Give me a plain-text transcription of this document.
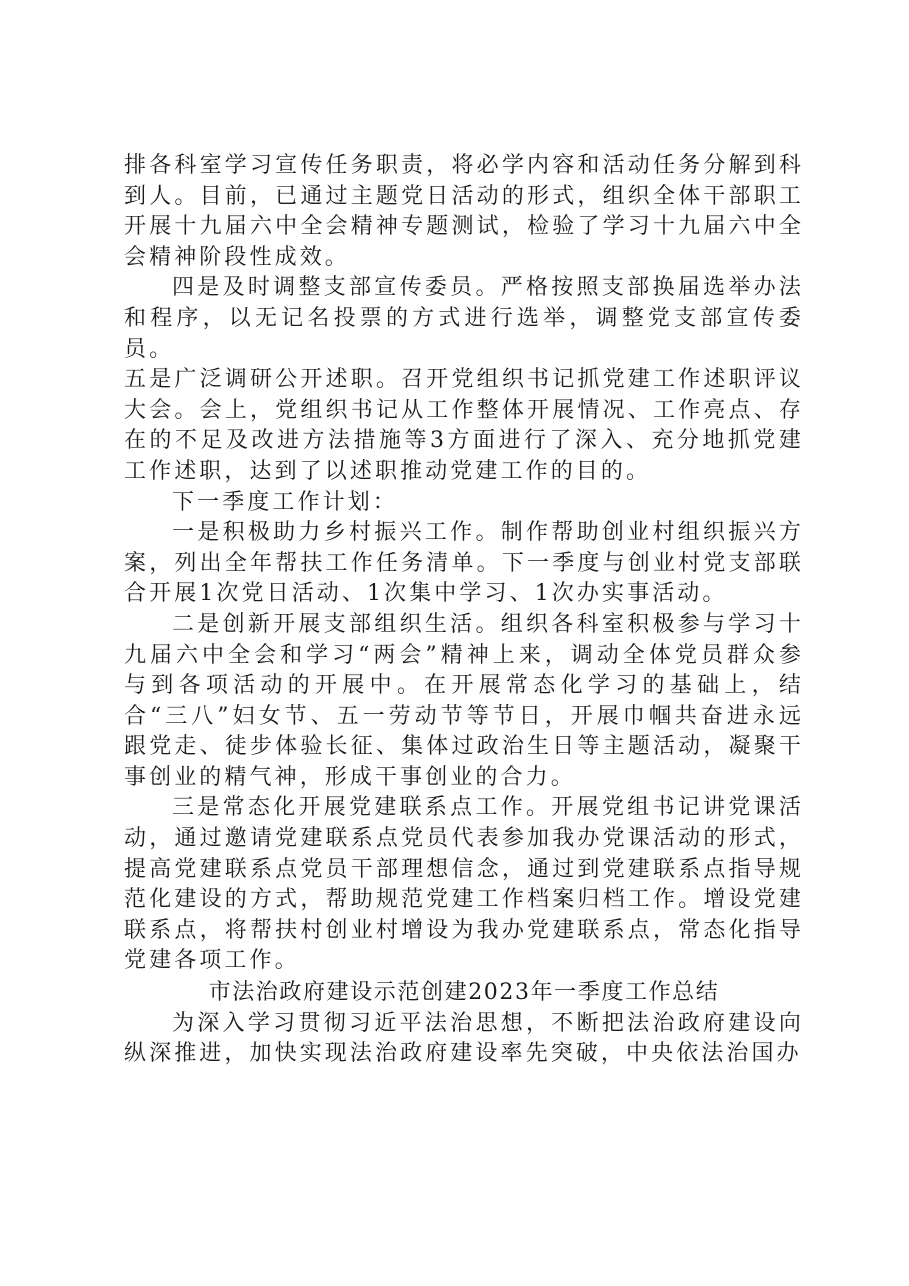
排各科室学习宣传任务职责，将必学内容和活动任务分解到科到人。目前，已通过主题党日活动的形式，组织全体干部职工开展十九届六中全会精神专题测试，检验了学习十九届六中全会精神阶段性成效。

四是及时调整支部宣传委员。严格按照支部换届选举办法和程序，以无记名投票的方式进行选举，调整党支部宣传委员。

五是广泛调研公开述职。召开党组织书记抓党建工作述职评议大会。会上，党组织书记从工作整体开展情况、工作亮点、存在的不足及改进方法措施等3方面进行了深入、充分地抓党建工作述职，达到了以述职推动党建工作的目的。

下一季度工作计划：

一是积极助力乡村振兴工作。制作帮助创业村组织振兴方案，列出全年帮扶工作任务清单。下一季度与创业村党支部联合开展1次党日活动、1次集中学习、1次办实事活动。

二是创新开展支部组织生活。组织各科室积极参与学习十九届六中全会和学习“两会”精神上来，调动全体党员群众参与到各项活动的开展中。在开展常态化学习的基础上，结合“三八”妇女节、五一劳动节等节日，开展巾帼共奋进永远跟党走、徒步体验长征、集体过政治生日等主题活动，凝聚干事创业的精气神，形成干事创业的合力。

三是常态化开展党建联系点工作。开展党组书记讲党课活动，通过邀请党建联系点党员代表参加我办党课活动的形式，提高党建联系点党员干部理想信念，通过到党建联系点指导规范化建设的方式，帮助规范党建工作档案归档工作。增设党建联系点，将帮扶村创业村增设为我办党建联系点，常态化指导党建各项工作。

市法治政府建设示范创建2023年一季度工作总结

为深入学习贯彻习近平法治思想，不断把法治政府建设向纵深推进，加快实现法治政府建设率先突破，中央依法治国办
